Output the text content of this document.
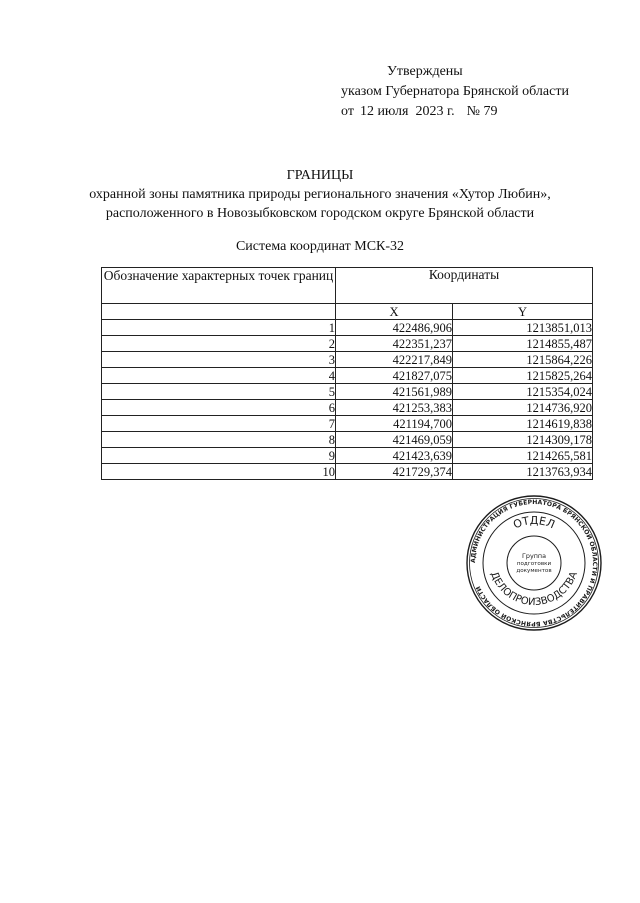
Утверждены
указом Губернатора Брянской области
от 12 июля  2023 г. № 79
ГРАНИЦЫ
охранной зоны памятника природы регионального значения «Хутор Любин»,
расположенного в Новозыбковском городском округе Брянской области
Система координат МСК-32
Обозначение характерных точек границ	Координаты	
	X	Y
1	422486,906	1213851,013
2	422351,237	1214855,487
3	422217,849	1215864,226
4	421827,075	1215825,264
5	421561,989	1215354,024
6	421253,383	1214736,920
7	421194,700	1214619,838
8	421469,059	1214309,178
9	421423,639	1214265,581
10	421729,374	1213763,934
АДМИНИСТРАЦИЯ ГУБЕРНАТОРА БРЯНСКОЙ ОБЛАСТИ И ПРАВИТЕЛЬСТВА БРЯНСКОЙ ОБЛАСТИ
ОТДЕЛ
ДЕЛОПРОИЗВОДСТВА
Группа
подготовки
документов
